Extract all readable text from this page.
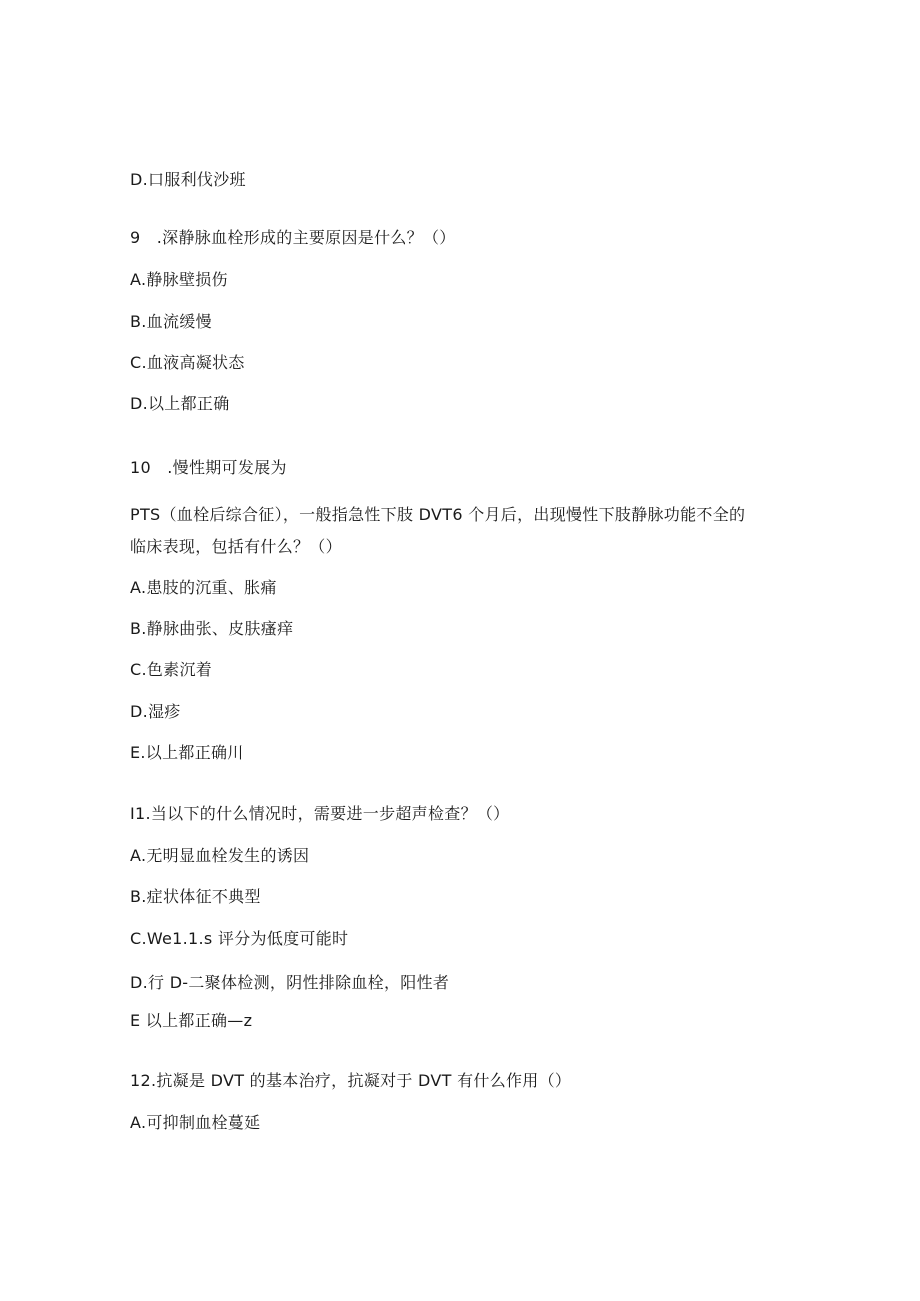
D.口服利伐沙班
9　.深静脉血栓形成的主要原因是什么？（）
A.静脉壁损伤
B.血流缓慢
C.血液高凝状态
D.以上都正确
10　.慢性期可发展为
PTS（血栓后综合征），一般指急性下肢 DVT6 个月后，出现慢性下肢静脉功能不全的
临床表现，包括有什么？（）
A.患肢的沉重、胀痛
B.静脉曲张、皮肤瘙痒
C.色素沉着
D.湿疹
E.以上都正确川
I1.当以下的什么情况时，需要进一步超声检查？（）
A.无明显血栓发生的诱因
B.症状体征不典型
C.We1.1.s 评分为低度可能时
D.行 D-二聚体检测，阴性排除血栓，阳性者
E 以上都正确—z
12.抗凝是 DVT 的基本治疗，抗凝对于 DVT 有什么作用（）
A.可抑制血栓蔓延
